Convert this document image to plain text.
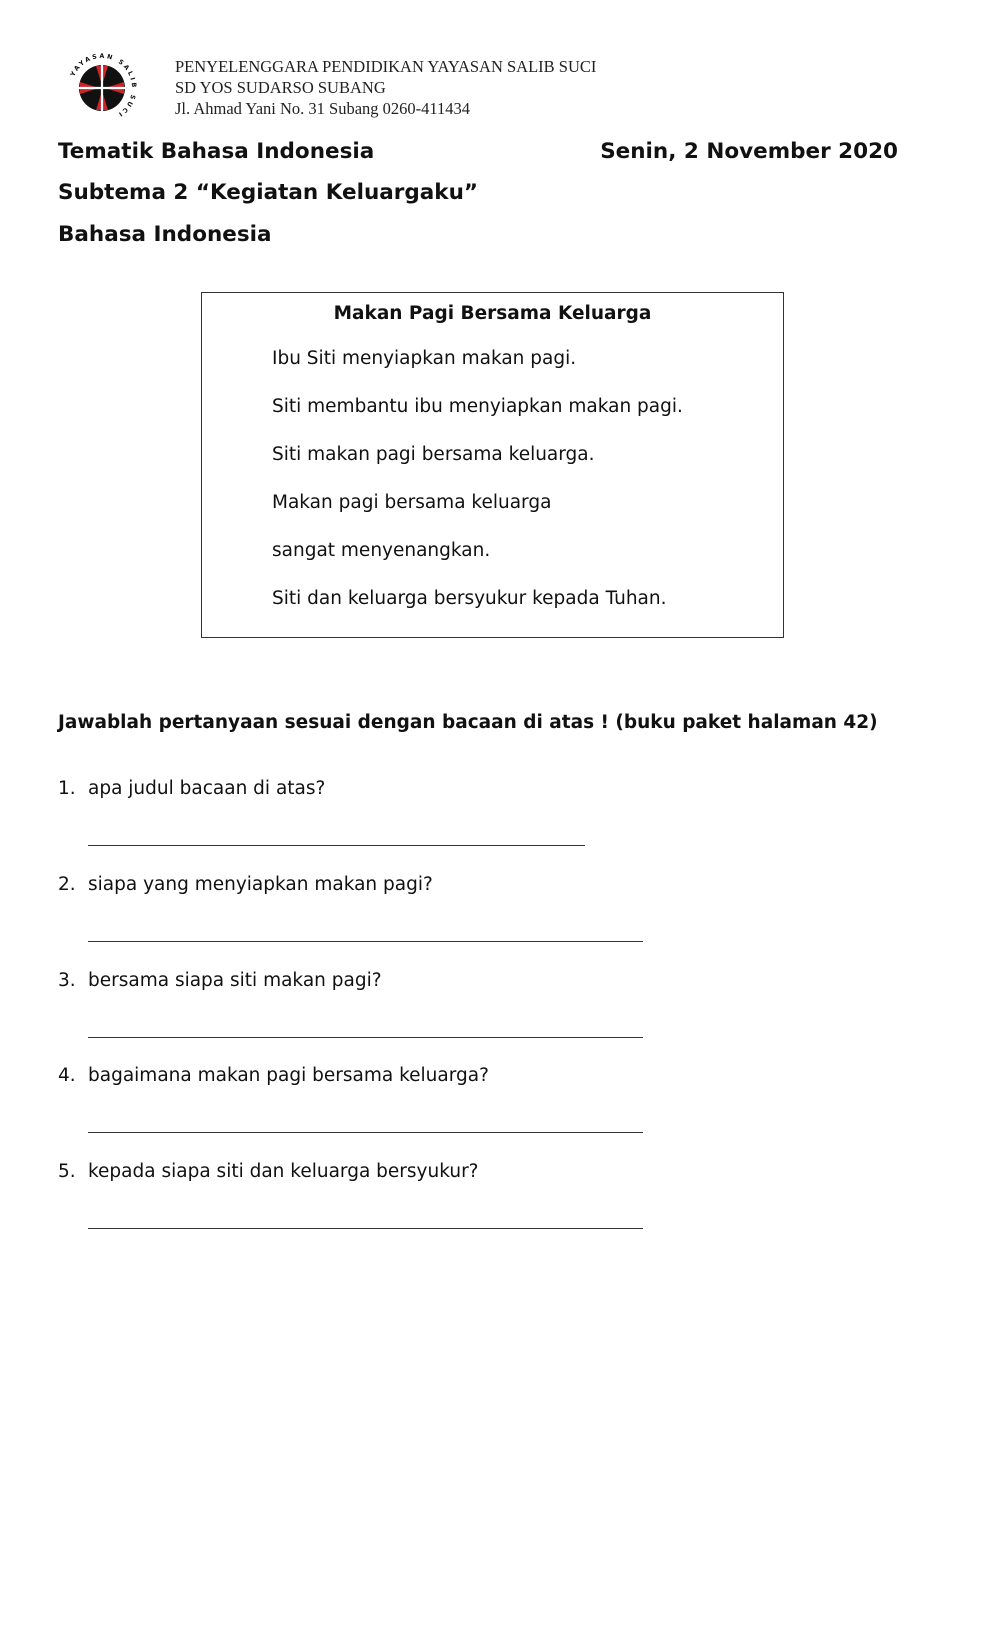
YAYASAN SALIB SUCI
PENYELENGGARA PENDIDIKAN YAYASAN SALIB SUCI
SD YOS SUDARSO SUBANG
Jl. Ahmad Yani No. 31 Subang 0260-411434
Tematik Bahasa Indonesia	Senin, 2 November 2020
Subtema 2 “Kegiatan Keluargaku”
Bahasa Indonesia
Makan Pagi Bersama Keluarga
Ibu Siti menyiapkan makan pagi.
Siti membantu ibu menyiapkan makan pagi.
Siti makan pagi bersama keluarga.
Makan pagi bersama keluarga
sangat menyenangkan.
Siti dan keluarga bersyukur kepada Tuhan.
Jawablah pertanyaan sesuai dengan bacaan di atas ! (buku paket halaman 42)
1. apa judul bacaan di atas?
2. siapa yang menyiapkan makan pagi?
3. bersama siapa siti makan pagi?
4. bagaimana makan pagi bersama keluarga?
5. kepada siapa siti dan keluarga bersyukur?
